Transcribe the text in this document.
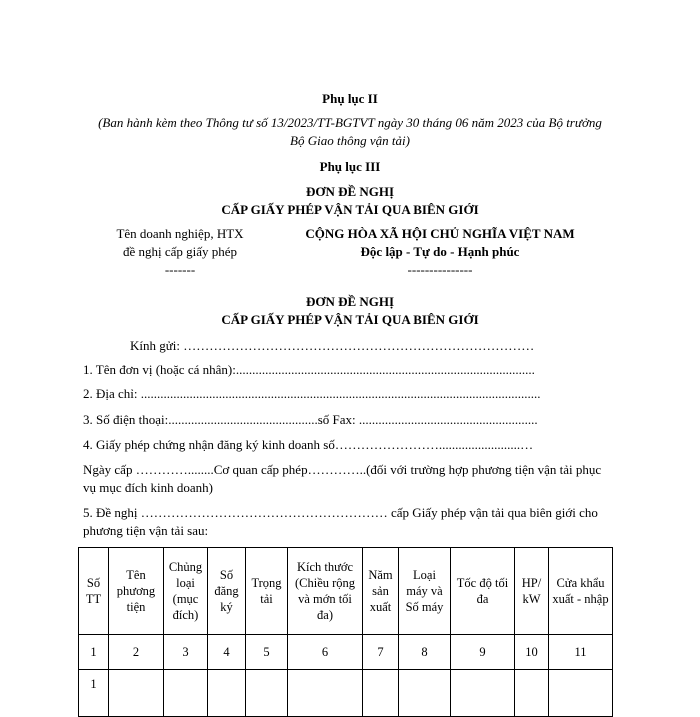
Phụ lục II
(Ban hành kèm theo Thông tư số 13/2023/TT-BGTVT ngày 30 tháng 06 năm 2023 của Bộ trưởng
Bộ Giao thông vận tải)
Phụ lục III
ĐƠN ĐỀ NGHỊ
CẤP GIẤY PHÉP VẬN TẢI QUA BIÊN GIỚI
Tên doanh nghiệp, HTX
đề nghị cấp giấy phép
-------
CỘNG HÒA XÃ HỘI CHỦ NGHĨA VIỆT NAM
Độc lập - Tự do - Hạnh phúc
---------------
ĐƠN ĐỀ NGHỊ
CẤP GIẤY PHÉP VẬN TẢI QUA BIÊN GIỚI
Kính gửi: ………………………………………………………………………
1. Tên đơn vị (hoặc cá nhân):............................................................................................
2. Địa chỉ: ...........................................................................................................................
3. Số điện thoại:..............................................số Fax: .......................................................
4. Giấy phép chứng nhận đăng ký kinh doanh số…………………….........................…
Ngày cấp …………........Cơ quan cấp phép…………..(đối với trường hợp phương tiện vận tải phục
vụ mục đích kinh doanh)
5. Đề nghị ………………………………………………… cấp Giấy phép vận tải qua biên giới cho
phương tiện vận tải sau:
Số TT	Tên phương tiện	Chủng loại (mục đích)	Số đăng ký	Trọng tải	Kích thước (Chiều rộng và mớn tối đa)	Năm sản xuất	Loại máy và Số máy	Tốc độ tối đa	HP/ kW	Cửa khẩu xuất - nhập
1	2	3	4	5	6	7	8	9	10	11
1										
